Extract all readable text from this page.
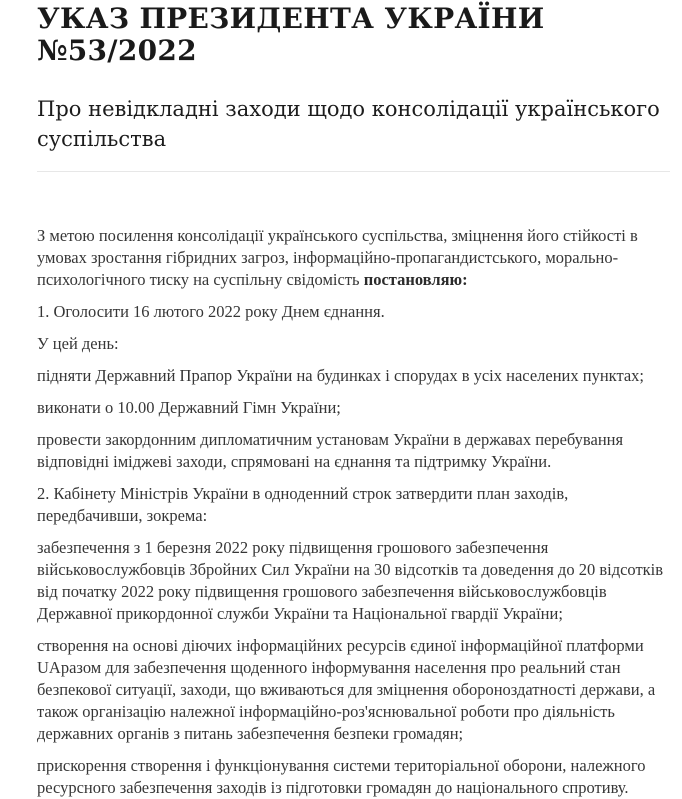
УКАЗ ПРЕЗИДЕНТА УКРАЇНИ №53/2022
Про невідкладні заходи щодо консолідації українського суспільства

З метою посилення консолідації українського суспільства, зміцнення його стійкості в умовах зростання гібридних загроз, інформаційно-пропагандистського, морально-психологічного тиску на суспільну свідомість постановляю:

1. Оголосити 16 лютого 2022 року Днем єднання.

У цей день:

підняти Державний Прапор України на будинках і спорудах в усіх населених пунктах;

виконати о 10.00 Державний Гімн України;

провести закордонним дипломатичним установам України в державах перебування відповідні іміджеві заходи, спрямовані на єднання та підтримку України.

2. Кабінету Міністрів України в одноденний строк затвердити план заходів, передбачивши, зокрема:

забезпечення з 1 березня 2022 року підвищення грошового забезпечення військовослужбовців Збройних Сил України на 30 відсотків та доведення до 20 відсотків від початку 2022 року підвищення грошового забезпечення військовослужбовців Державної прикордонної служби України та Національної гвардії України;

створення на основі діючих інформаційних ресурсів єдиної інформаційної платформи UAразом для забезпечення щоденного інформування населення про реальний стан безпекової ситуації, заходи, що вживаються для зміцнення обороноздатності держави, а також організацію належної інформаційно-роз'яснювальної роботи про діяльність державних органів з питань забезпечення безпеки громадян;

прискорення створення і функціонування системи територіальної оборони, належного ресурсного забезпечення заходів із підготовки громадян до національного спротиву.
